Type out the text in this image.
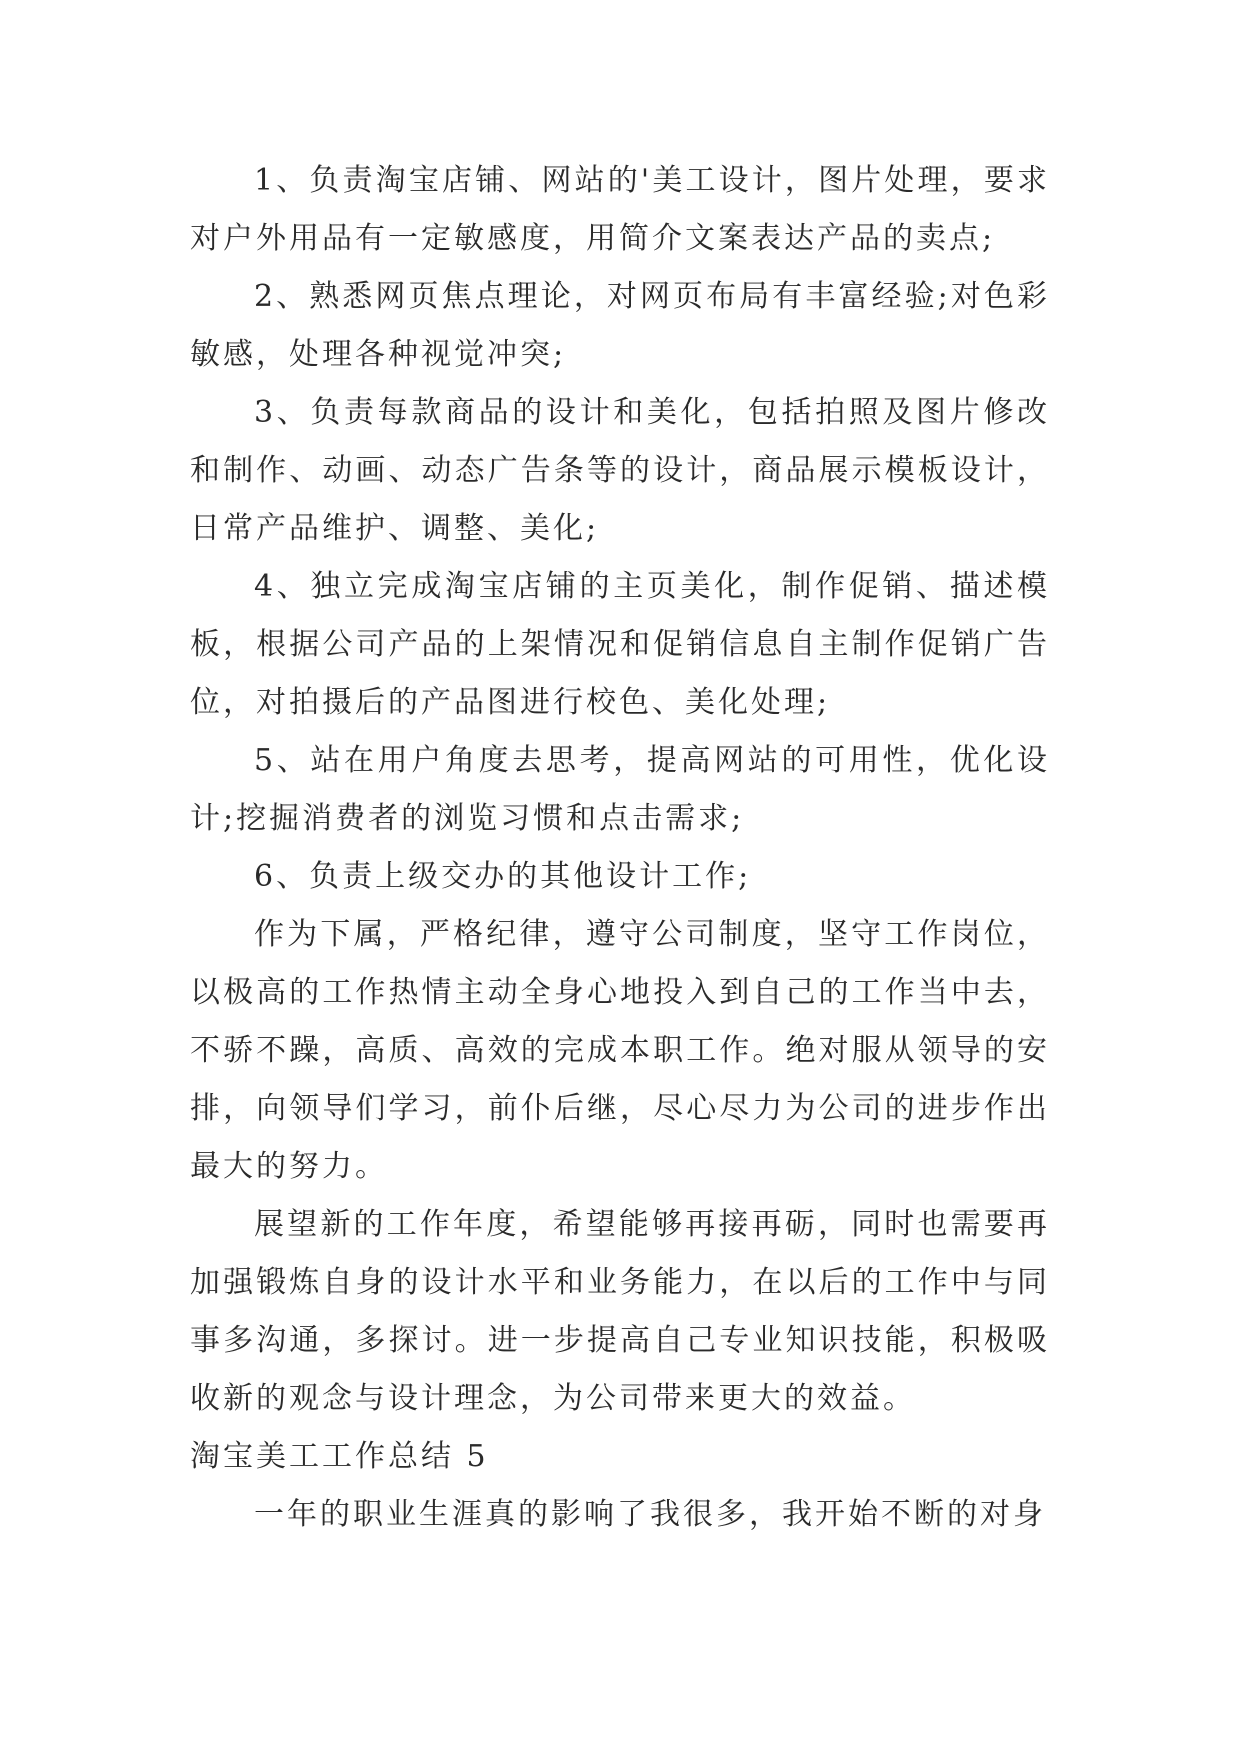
1、负责淘宝店铺、网站的'美工设计，图片处理，要求对户外用品有一定敏感度，用简介文案表达产品的卖点;

2、熟悉网页焦点理论，对网页布局有丰富经验;对色彩敏感，处理各种视觉冲突;

3、负责每款商品的设计和美化，包括拍照及图片修改和制作、动画、动态广告条等的设计，商品展示模板设计，日常产品维护、调整、美化;

4、独立完成淘宝店铺的主页美化，制作促销、描述模板，根据公司产品的上架情况和促销信息自主制作促销广告位，对拍摄后的产品图进行校色、美化处理;

5、站在用户角度去思考，提高网站的可用性，优化设计;挖掘消费者的浏览习惯和点击需求;

6、负责上级交办的其他设计工作;

作为下属，严格纪律，遵守公司制度，坚守工作岗位，以极高的工作热情主动全身心地投入到自己的工作当中去，不骄不躁，高质、高效的完成本职工作。绝对服从领导的安排，向领导们学习，前仆后继，尽心尽力为公司的进步作出最大的努力。

展望新的工作年度，希望能够再接再砺，同时也需要再加强锻炼自身的设计水平和业务能力，在以后的工作中与同事多沟通，多探讨。进一步提高自己专业知识技能，积极吸收新的观念与设计理念，为公司带来更大的效益。

淘宝美工工作总结 5

一年的职业生涯真的影响了我很多，我开始不断的对身
